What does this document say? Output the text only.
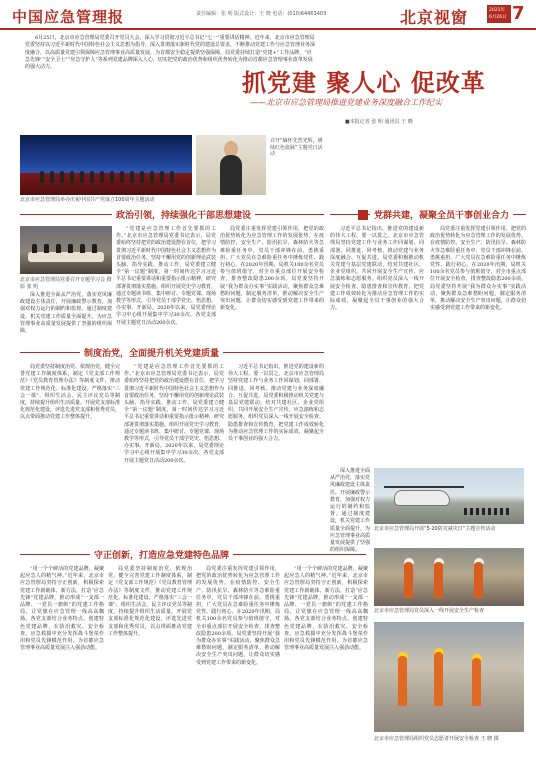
中国应急管理报	责任编辑：张 明 版式设计：王 晓 电话：(010)64463403	北京视窗	2021年 6月26日 7

6月25日，北京市应急管理局党委召开党员大会，深入学习贯彻习近平总书记“七一”重要讲话精神。近年来，北京市应急管理局党委坚持以习近平新时代中国特色社会主义思想为指导，深入贯彻落实新时代党的建设总要求，不断推动党建工作与应急管理业务深度融合，以高质量党建引领保障应急管理事业高质量发展，为首都安全稳定提供坚强保障。局党委持续打造“党建+”工作品牌，“应急先锋”“安全卫士”“应急守护人”等系列党建品牌深入人心，切实把党的政治优势和组织优势转化为推动首都应急管理事业改革发展的强大动力。

抓党建 聚人心 促改革
——北京市应急管理局推进党建业务深度融合工作纪实
■本报记者 张 明 通讯员 王 晓
召开“缅怀先烈光辉，赓续红色血脉”主题党日活动
北京市应急管理局举办庆祝中国共产党成立100周年主题活动
政治引领，持续强化干部思想建设	党群共建，凝聚全员干事创业合力

“党建是应急管理工作首先要抓的工作。”北京市应急管理局党委书记表示，局党委始终坚持把党的政治建设摆在首位，把学习贯彻习近平新时代中国特色社会主义思想作为首要政治任务，坚持不懈用党的创新理论武装头脑、指导实践、推动工作。局党委建立健全“第一议题”制度，第一时间传达学习习近平总书记重要讲话和重要指示批示精神，研究部署贯彻落实措施。组织开展党史学习教育，通过专题读书班、集中研讨、专题党课、现场教学等形式，引导党员干部学党史、悟思想、办实事、开新局。2020年以来，局党委理论学习中心组开展集中学习30余次，各党支部开展主题党日活动200余次。

局党委注重发挥党建引领作用，把党的政治优势转化为应急管理工作的发展优势。在疫情防控、安全生产、防汛抗旱、森林防火等急难险重任务中，党员干部冲锋在前、勇挑重担，广大党员在急难险重任务中锤炼党性、践行初心。在2020年汛期，局机关100余名党员参与值班值守，对全市重点部位开展安全检查，排查整改隐患200余项。局党委坚持开展“我为群众办实事”实践活动，聚焦群众急难愁盼问题，制定服务清单，推动解决安全生产突出问题，让群众切实感受到党建工作带来的新变化。

北京市应急管理局党委召开专题学习会 摄影 张 明

深入推进全面从严治党，落实党风廉政建设主体责任，开展廉政警示教育，加强对权力运行的制约和监督。通过制度建设，机关党建工作质量全面提升，为应急管理事业高质量发展提供了坚强的组织保障。

习近平总书记指出，推进党的建设新的伟大工程，要一以贯之。北京市应急管理局坚持党建工作与业务工作同谋划、同部署、同推进、同考核，推动党建与业务深度融合、互促共进。局党委积极推动机关党建与基层党建联动，结对共建社区、企业党组织，共同开展安全生产宣传、应急演练和志愿服务。组织党员深入一线开展安全检查、隐患排查和宣传教育，把党建工作成效转化为推动应急管理工作的实际成效，凝聚起全员干事创业的强大合力。

局党委注重发挥党建引领作用，把党的政治优势转化为应急管理工作的发展优势。在疫情防控、安全生产、防汛抗旱、森林防火等急难险重任务中，党员干部冲锋在前、勇挑重担，广大党员在急难险重任务中锤炼党性、践行初心。在2020年汛期，局机关100余名党员参与值班值守，对全市重点部位开展安全检查，排查整改隐患200余项。局党委坚持开展“我为群众办实事”实践活动，聚焦群众急难愁盼问题，制定服务清单，推动解决安全生产突出问题，让群众切实感受到党建工作带来的新变化。

制度治党，全面提升机关党建质量

局党委坚持制度治党、依规治党，健全完善党建工作制度体系，制定《党支部工作规范》《党员教育管理办法》等制度文件，推动党建工作规范化、标准化建设。严格落实“三会一课”、组织生活会、民主评议党员等制度，持续提升组织生活质量。开展党支部标准化规范化建设，评选先进党支部和优秀党员，以点带面推动党建工作整体提升。

“党建是应急管理工作首先要抓的工作。”北京市应急管理局党委书记表示，局党委始终坚持把党的政治建设摆在首位，把学习贯彻习近平新时代中国特色社会主义思想作为首要政治任务，坚持不懈用党的创新理论武装头脑、指导实践、推动工作。局党委建立健全“第一议题”制度，第一时间传达学习习近平总书记重要讲话和重要指示批示精神，研究部署贯彻落实措施。组织开展党史学习教育，通过专题读书班、集中研讨、专题党课、现场教学等形式，引导党员干部学党史、悟思想、办实事、开新局。2020年以来，局党委理论学习中心组开展集中学习30余次，各党支部开展主题党日活动200余次。

习近平总书记指出，推进党的建设新的伟大工程，要一以贯之。北京市应急管理局坚持党建工作与业务工作同谋划、同部署、同推进、同考核，推动党建与业务深度融合、互促共进。局党委积极推动机关党建与基层党建联动，结对共建社区、企业党组织，共同开展安全生产宣传、应急演练和志愿服务。组织党员深入一线开展安全检查、隐患排查和宣传教育，把党建工作成效转化为推动应急管理工作的实际成效，凝聚起全员干事创业的强大合力。

北京市应急管理局开展“5·20防灾减灾日”主题宣传活动

深入推进全面从严治党，落实党风廉政建设主体责任，开展廉政警示教育，加强对权力运行的制约和监督。通过制度建设，机关党建工作质量全面提升，为应急管理事业高质量发展提供了坚强的组织保障。

守正创新，打造应急党建特色品牌
北京市应急管理局党员深入一线开展安全生产检查

“用一个个鲜活的党建品牌，凝聚起应急人的精气神。”近年来，北京市应急管理局坚持守正创新，积极探索党建工作新载体、新方法，打造“应急先锋”党建品牌，推动形成“一支部一品牌、一党员一旗帜”的党建工作格局，让党旗在应急管理一线高高飘扬。各党支部结合业务特点，创建特色党建品牌，在防汛救灾、安全检查、应急救援中充分发挥战斗堡垒作用和党员先锋模范作用，为首都应急管理事业高质量发展注入强劲动能。

局党委坚持制度治党、依规治党，健全完善党建工作制度体系，制定《党支部工作规范》《党员教育管理办法》等制度文件，推动党建工作规范化、标准化建设。严格落实“三会一课”、组织生活会、民主评议党员等制度，持续提升组织生活质量。开展党支部标准化规范化建设，评选先进党支部和优秀党员，以点带面推动党建工作整体提升。

局党委注重发挥党建引领作用，把党的政治优势转化为应急管理工作的发展优势。在疫情防控、安全生产、防汛抗旱、森林防火等急难险重任务中，党员干部冲锋在前、勇挑重担，广大党员在急难险重任务中锤炼党性、践行初心。在2020年汛期，局机关100余名党员参与值班值守，对全市重点部位开展安全检查，排查整改隐患200余项。局党委坚持开展“我为群众办实事”实践活动，聚焦群众急难愁盼问题，制定服务清单，推动解决安全生产突出问题，让群众切实感受到党建工作带来的新变化。

“用一个个鲜活的党建品牌，凝聚起应急人的精气神。”近年来，北京市应急管理局坚持守正创新，积极探索党建工作新载体、新方法，打造“应急先锋”党建品牌，推动形成“一支部一品牌、一党员一旗帜”的党建工作格局，让党旗在应急管理一线高高飘扬。各党支部结合业务特点，创建特色党建品牌，在防汛救灾、安全检查、应急救援中充分发挥战斗堡垒作用和党员先锋模范作用，为首都应急管理事业高质量发展注入强劲动能。

北京市应急管理局组织党员志愿者开展安全检查 王 晓 摄
